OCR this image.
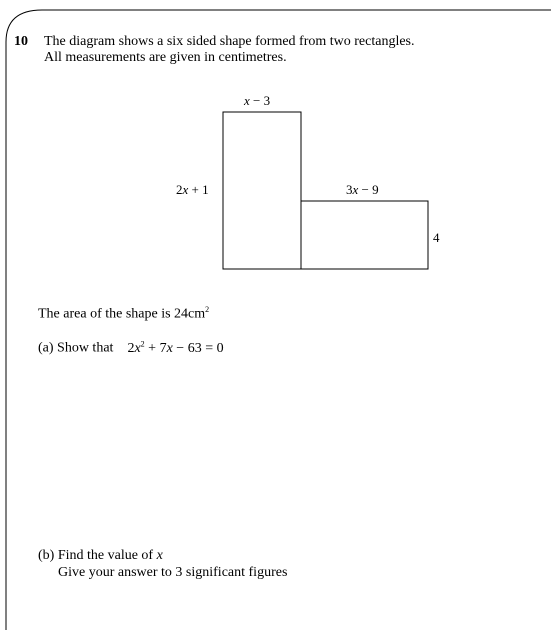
10 The diagram shows a six sided shape formed from two rectangles.
All measurements are given in centimetres.
x − 3
2x + 1	3x − 9
4
The area of the shape is $24cm^2$
(a) Show that $2x^2 + 7x - 63 = 0$
(b) Find the value of x
Give your answer to 3 significant figures
